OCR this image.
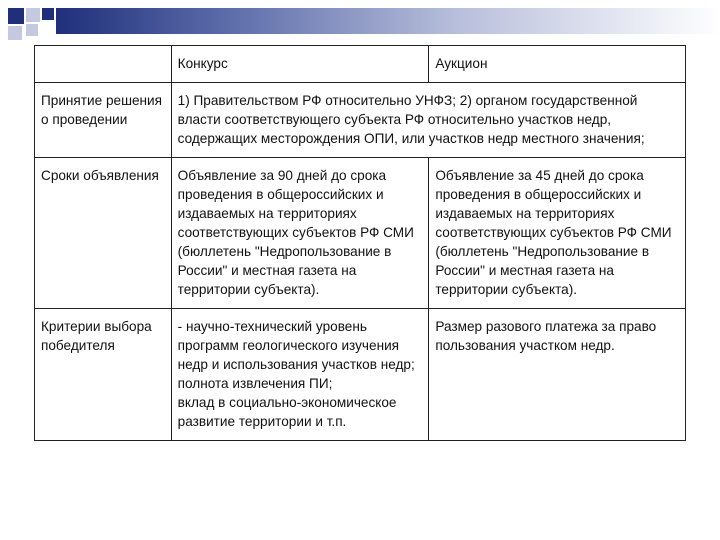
	Конкурс	Аукцион
Принятие решения о проведении	1) Правительством РФ относительно УНФЗ; 2) органом государственной власти соответствующего субъекта РФ относительно участков недр, содержащих месторождения ОПИ, или участков недр местного значения;	
Сроки объявления	Объявление за 90 дней до срока проведения в общероссийских и издаваемых на территориях соответствующих субъектов РФ СМИ (бюллетень "Недропользование в России" и местная газета на территории субъекта).	Объявление за 45 дней до срока проведения в общероссийских и издаваемых на территориях соответствующих субъектов РФ СМИ (бюллетень "Недропользование в России" и местная газета на территории субъекта).
Критерии выбора победителя	- научно-технический уровень программ геологического изучения недр и использования участков недр;
полнота извлечения ПИ;
вклад в социально-экономическое развитие территории и т.п.	Размер разового платежа за право пользования участком недр.
